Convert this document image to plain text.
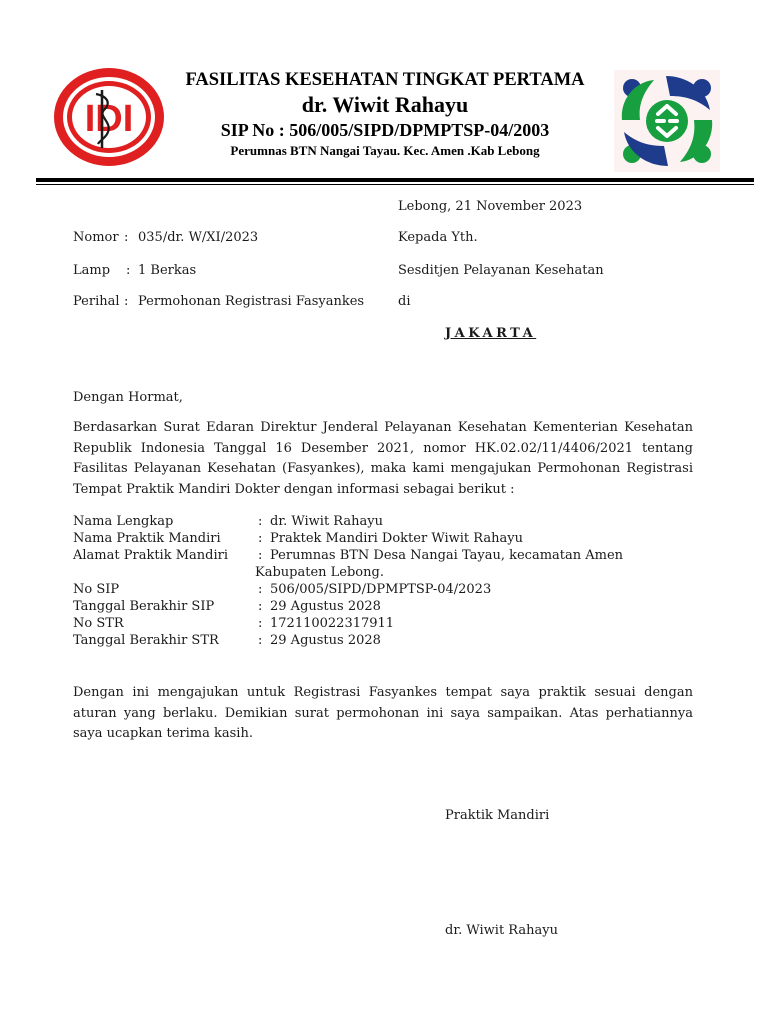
IDI
FASILITAS KESEHATAN TINGKAT PERTAMA
dr. Wiwit Rahayu
SIP No : 506/005/SIPD/DPMPTSP-04/2003
Perumnas BTN Nangai Tayau. Kec. Amen .Kab Lebong
Lebong, 21 November 2023
Nomor : 035/dr. W/XI/2023
Lamp : 1 Berkas
Perihal : Permohonan Registrasi Fasyankes
Kepada Yth.
Sesditjen Pelayanan Kesehatan
di
JAKARTA
Dengan Hormat,
Berdasarkan Surat Edaran Direktur Jenderal Pelayanan Kesehatan Kementerian Kesehatan Republik Indonesia Tanggal 16 Desember 2021, nomor HK.02.02/11/4406/2021 tentang Fasilitas Pelayanan Kesehatan (Fasyankes), maka kami mengajukan Permohonan Registrasi Tempat Praktik Mandiri Dokter dengan informasi sebagai berikut :
Nama Lengkap	: dr. Wiwit Rahayu
Nama Praktik Mandiri	: Praktek Mandiri Dokter Wiwit Rahayu
Alamat Praktik Mandiri : Perumnas BTN Desa Nangai Tayau, kecamatan Amen
Kabupaten Lebong.
No SIP	: 506/005/SIPD/DPMPTSP-04/2023
Tanggal Berakhir SIP	: 29 Agustus 2028
No STR	: 172110022317911
Tanggal Berakhir STR	: 29 Agustus 2028
Dengan ini mengajukan untuk Registrasi Fasyankes tempat saya praktik sesuai dengan aturan yang berlaku. Demikian surat permohonan ini saya sampaikan. Atas perhatiannya saya ucapkan terima kasih.
Praktik Mandiri
dr. Wiwit Rahayu
